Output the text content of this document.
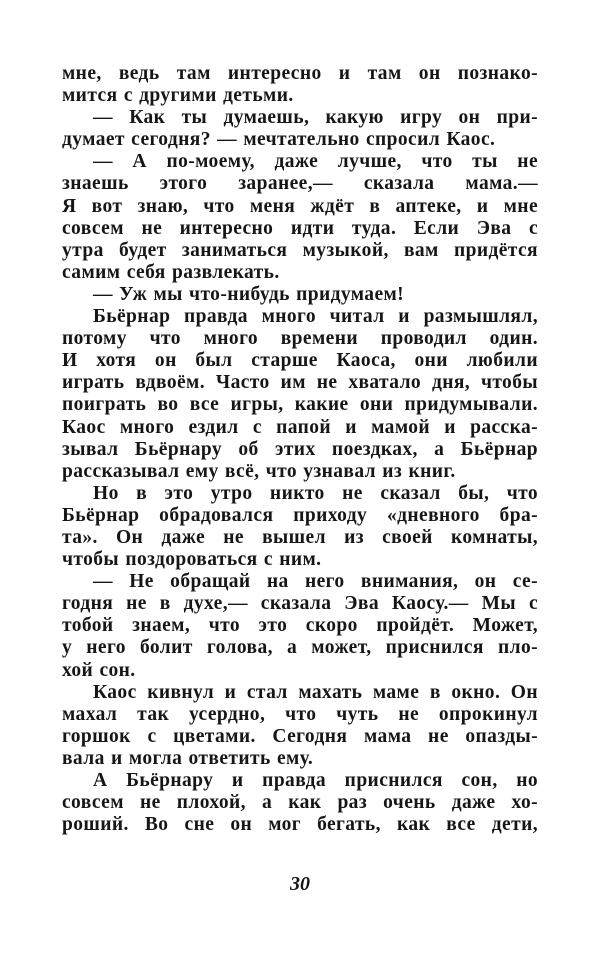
мне, ведь там интересно и там он познако-
мится с другими детьми.
— Как ты думаешь, какую игру он при-
думает сегодня? — мечтательно спросил Каос.
— А по-моему, даже лучше, что ты не
знаешь этого заранее,— сказала мама.—
Я вот знаю, что меня ждёт в аптеке, и мне
совсем не интересно идти туда. Если Эва с
утра будет заниматься музыкой, вам придётся
самим себя развлекать.
— Уж мы что-нибудь придумаем!
Бьёрнар правда много читал и размышлял,
потому что много времени проводил один.
И хотя он был старше Каоса, они любили
играть вдвоём. Часто им не хватало дня, чтобы
поиграть во все игры, какие они придумывали.
Каос много ездил с папой и мамой и расска-
зывал Бьёрнару об этих поездках, а Бьёрнар
рассказывал ему всё, что узнавал из книг.
Но в это утро никто не сказал бы, что
Бьёрнар обрадовался приходу «дневного бра-
та». Он даже не вышел из своей комнаты,
чтобы поздороваться с ним.
— Не обращай на него внимания, он се-
годня не в духе,— сказала Эва Каосу.— Мы с
тобой знаем, что это скоро пройдёт. Может,
у него болит голова, а может, приснился пло-
хой сон.
Каос кивнул и стал махать маме в окно. Он
махал так усердно, что чуть не опрокинул
горшок с цветами. Сегодня мама не опазды-
вала и могла ответить ему.
А Бьёрнару и правда приснился сон, но
совсем не плохой, а как раз очень даже хо-
роший. Во сне он мог бегать, как все дети,
30
